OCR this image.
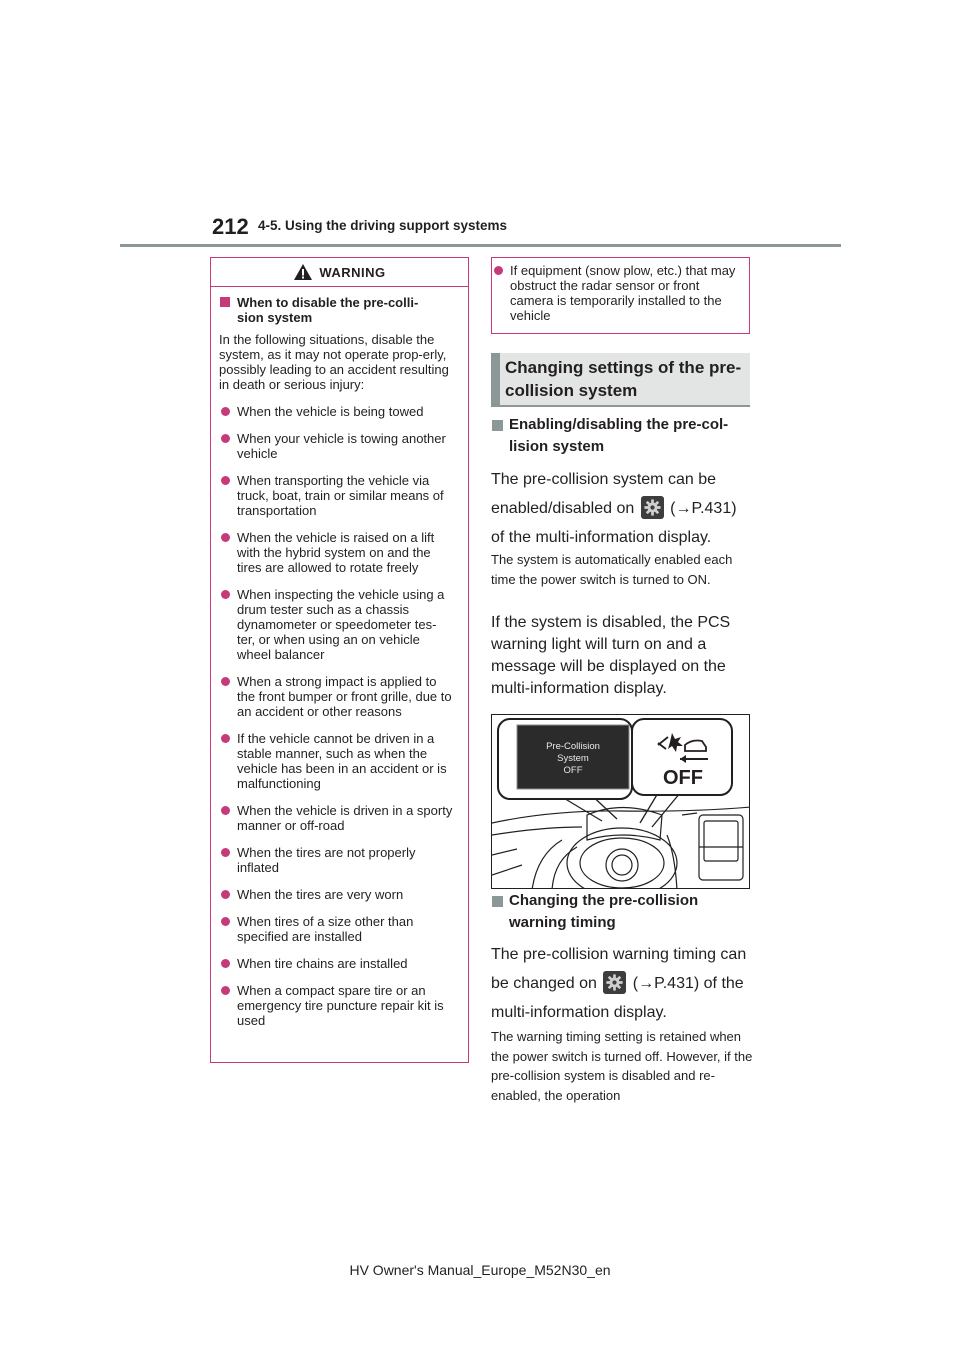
212 4-5. Using the driving support systems
WARNING
When to disable the pre-colli-
sion system

In the following situations, disable the system, as it may not operate prop-erly, possibly leading to an accident resulting in death or serious injury:

When the vehicle is being towed
When your vehicle is towing another vehicle
When transporting the vehicle via truck, boat, train or similar means of transportation
When the vehicle is raised on a lift with the hybrid system on and the tires are allowed to rotate freely
When inspecting the vehicle using a drum tester such as a chassis dynamometer or speedometer tes-ter, or when using an on vehicle wheel balancer
When a strong impact is applied to the front bumper or front grille, due to an accident or other reasons
If the vehicle cannot be driven in a stable manner, such as when the vehicle has been in an accident or is malfunctioning
When the vehicle is driven in a sporty manner or off-road
When the tires are not properly inflated
When the tires are very worn
When tires of a size other than specified are installed
When tire chains are installed
When a compact spare tire or an emergency tire puncture repair kit is used
If equipment (snow plow, etc.) that may obstruct the radar sensor or front camera is temporarily installed to the vehicle
Changing settings of the pre-collision system
Enabling/disabling the pre-col-lision system
The pre-collision system can be enabled/disabled on (→P.431) of the multi-information display.
The system is automatically enabled each time the power switch is turned to ON.
If the system is disabled, the PCS warning light will turn on and a message will be displayed on the multi-information display.
Pre-Collision
System
OFF	OFF
Changing the pre-collision warning timing
The pre-collision warning timing can be changed on (→P.431) of the multi-information display.
The warning timing setting is retained when the power switch is turned off. However, if the pre-collision system is disabled and re-enabled, the operation
HV Owner's Manual_Europe_M52N30_en
